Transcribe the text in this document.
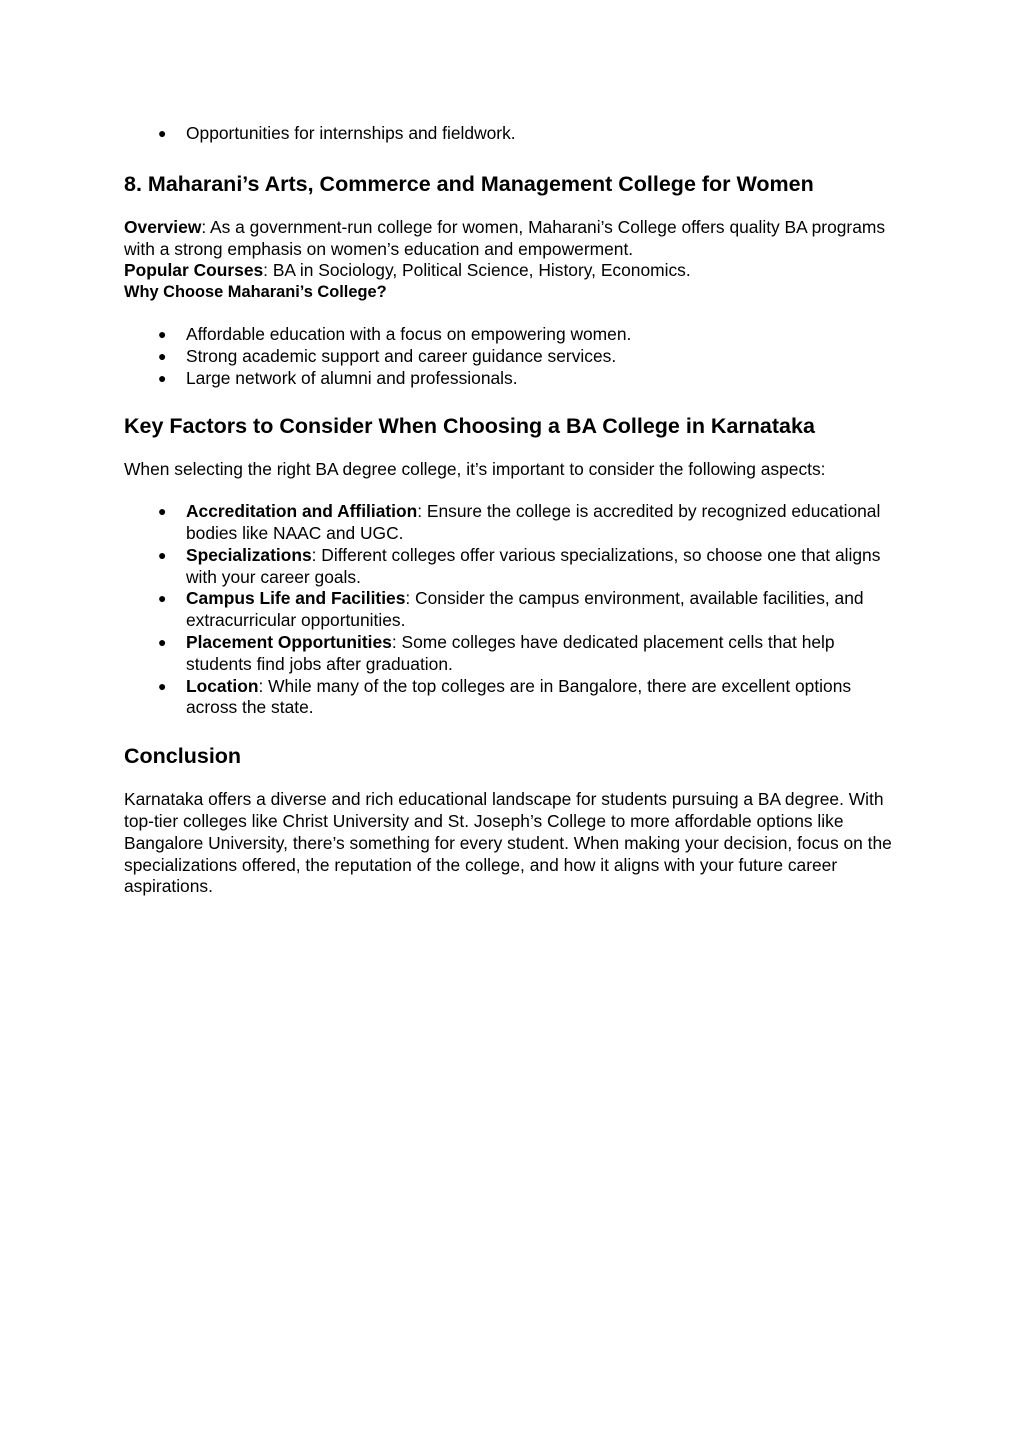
● Opportunities for internships and fieldwork.
8. Maharani’s Arts, Commerce and Management College for Women

Overview: As a government-run college for women, Maharani’s College offers quality BA programs with a strong emphasis on women’s education and empowerment.

Popular Courses: BA in Sociology, Political Science, History, Economics.

Why Choose Maharani’s College?
● Affordable education with a focus on empowering women.
● Strong academic support and career guidance services.
● Large network of alumni and professionals.
Key Factors to Consider When Choosing a BA College in Karnataka

When selecting the right BA degree college, it’s important to consider the following aspects:

● Accreditation and Affiliation: Ensure the college is accredited by recognized educational bodies like NAAC and UGC.
● Specializations: Different colleges offer various specializations, so choose one that aligns with your career goals.
● Campus Life and Facilities: Consider the campus environment, available facilities, and extracurricular opportunities.
● Placement Opportunities: Some colleges have dedicated placement cells that help students find jobs after graduation.
● Location: While many of the top colleges are in Bangalore, there are excellent options across the state.
Conclusion

Karnataka offers a diverse and rich educational landscape for students pursuing a BA degree. With top-tier colleges like Christ University and St. Joseph’s College to more affordable options like Bangalore University, there’s something for every student. When making your decision, focus on the specializations offered, the reputation of the college, and how it aligns with your future career aspirations.
